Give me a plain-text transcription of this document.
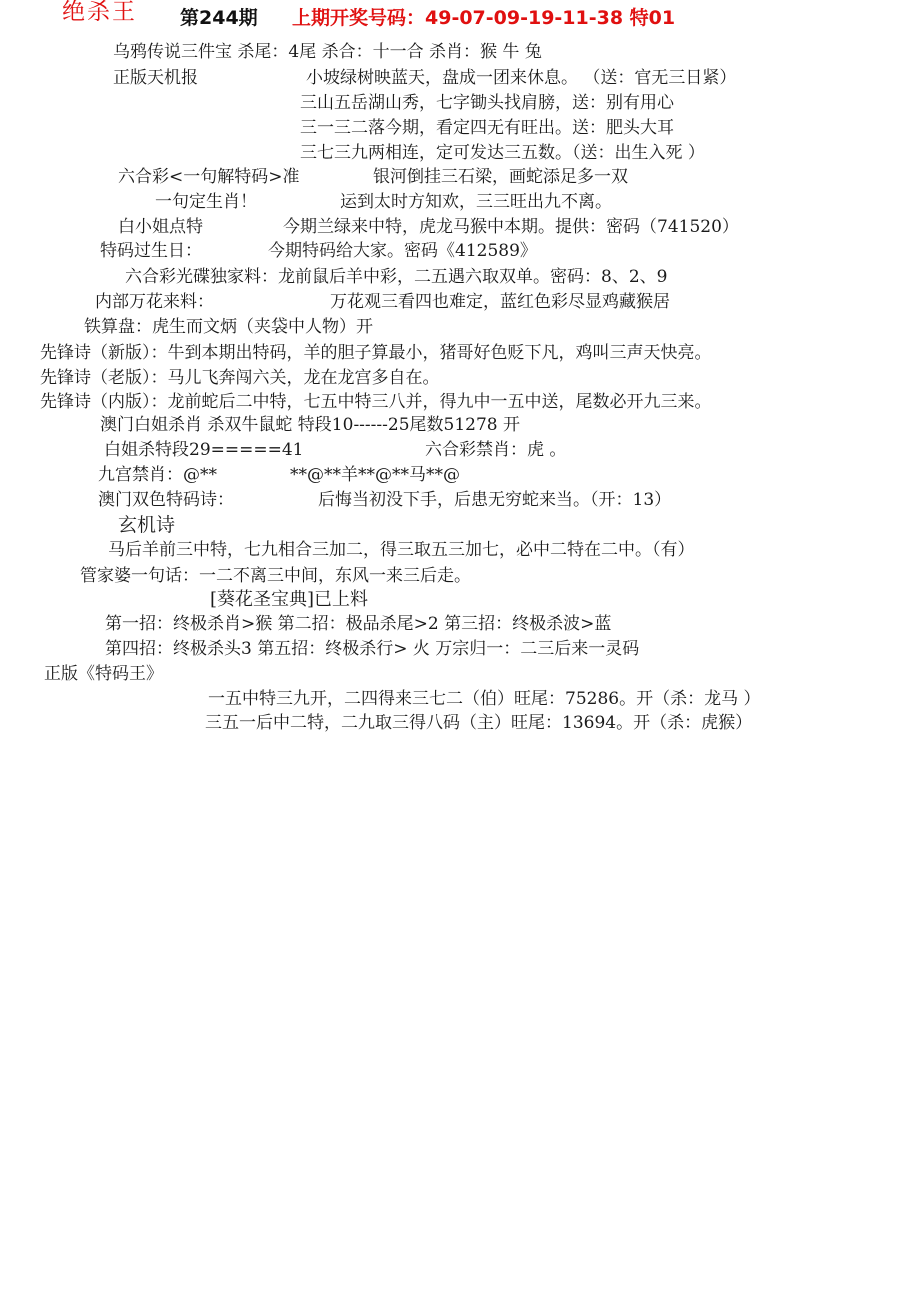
绝杀王 第244期 上期开奖号码：49-07-09-19-11-38 特01
乌鸦传说三件宝 杀尾：4尾 杀合：十一合 杀肖：猴 牛 兔
正版天机报	小坡绿树映蓝天，盘成一团来休息。 （送：官无三日紧）
三山五岳湖山秀，七字锄头找肩膀，送：别有用心
三一三二落今期，看定四无有旺出。送：肥头大耳
三七三九两相连，定可发达三五数。（送：出生入死 ）
六合彩<一句解特码>准	银河倒挂三石梁，画蛇添足多一双
一句定生肖！	运到太时方知欢，三三旺出九不离。
白小姐点特	今期兰绿来中特，虎龙马猴中本期。提供：密码（741520）
特码过生日：	今期特码给大家。密码《412589》
六合彩光碟独家料：龙前鼠后羊中彩，二五遇六取双单。密码：8、2、9
内部万花来料：	万花观三看四也难定，蓝红色彩尽显鸡藏猴居
铁算盘：虎生而文炳（夹袋中人物）开
先锋诗（新版）：牛到本期出特码，羊的胆子算最小，猪哥好色贬下凡，鸡叫三声天快亮。
先锋诗（老版）：马儿飞奔闯六关，龙在龙宫多自在。
先锋诗（内版）：龙前蛇后二中特，七五中特三八并，得九中一五中送，尾数必开九三来。
澳门白姐杀肖 杀双牛鼠蛇 特段10------25尾数51278 开
白姐杀特段29=====41	六合彩禁肖：虎 。
九宫禁肖：@**	**@**羊**@**马**@
澳门双色特码诗：	后悔当初没下手，后患无穷蛇来当。（开：13）
玄机诗
马后羊前三中特，七九相合三加二，得三取五三加七，必中二特在二中。（有）
管家婆一句话：一二不离三中间，东风一来三后走。
[葵花圣宝典]已上料
第一招：终极杀肖>猴 第二招：极品杀尾>2 第三招：终极杀波>蓝
第四招：终极杀头3 第五招：终极杀行> 火 万宗归一：二三后来一灵码
正版《特码王》
一五中特三九开，二四得来三七二（伯）旺尾：75286。开（杀：龙马 ）
三五一后中二特，二九取三得八码（主）旺尾：13694。开（杀：虎猴）
